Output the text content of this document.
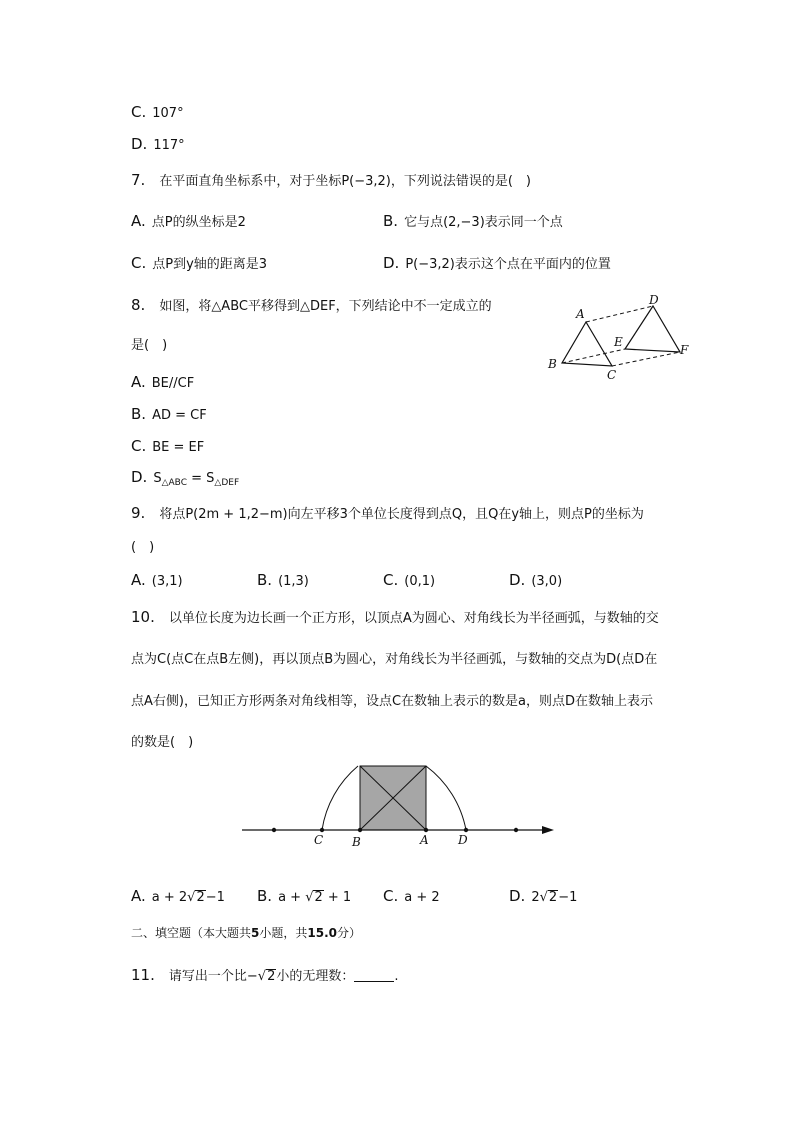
C. 107°
D. 117°
7. 在平面直角坐标系中，对于坐标P(−3,2)，下列说法错误的是(　)
A. 点P的纵坐标是2	B. 它与点(2,−3)表示同一个点
C. 点P到y轴的距离是3	D. P(−3,2)表示这个点在平面内的位置
8. 如图，将△ABC平移得到△DEF，下列结论中不一定成立的
是(　)
A
B
C
D
E
F
A. BE//CF
B. AD = CF
C. BE = EF
D. $S_{\triangle ABC} = S_{\triangle DEF}$
9. 将点P(2m + 1,2−m)向左平移3个单位长度得到点Q，且Q在y轴上，则点P的坐标为
(　)
A. (3,1)	B. (1,3)	C. (0,1)	D. (3,0)
10. 以单位长度为边长画一个正方形，以顶点A为圆心、对角线长为半径画弧，与数轴的交
点为C(点C在点B左侧)，再以顶点B为圆心，对角线长为半径画弧，与数轴的交点为D(点D在
点A右侧)，已知正方形两条对角线相等，设点C在数轴上表示的数是a，则点D在数轴上表示
的数是(　)
C B	A D
A. a + 2√2−1 B. a + √2 + 1 C. a + 2	D. 2√2−1
二、填空题（本大题共5小题，共15.0分）
11. 请写出一个比−√2小的无理数：	.
